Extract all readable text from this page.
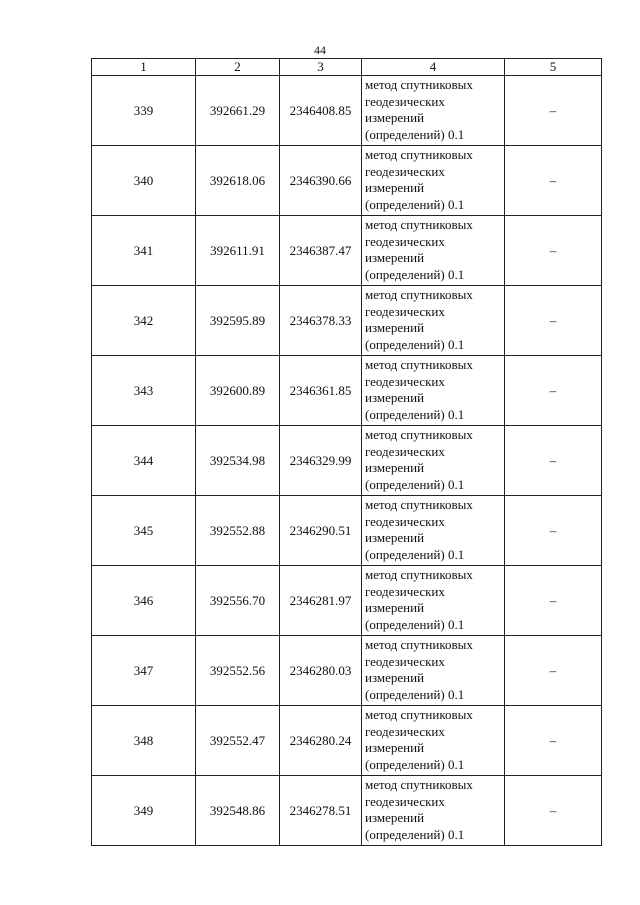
44
1	2	3	4	5
339	392661.29	2346408.85	метод спутниковых
геодезических
измерений
(определений) 0.1	–
340	392618.06	2346390.66	метод спутниковых
геодезических
измерений
(определений) 0.1	–
341	392611.91	2346387.47	метод спутниковых
геодезических
измерений
(определений) 0.1	–
342	392595.89	2346378.33	метод спутниковых
геодезических
измерений
(определений) 0.1	–
343	392600.89	2346361.85	метод спутниковых
геодезических
измерений
(определений) 0.1	–
344	392534.98	2346329.99	метод спутниковых
геодезических
измерений
(определений) 0.1	–
345	392552.88	2346290.51	метод спутниковых
геодезических
измерений
(определений) 0.1	–
346	392556.70	2346281.97	метод спутниковых
геодезических
измерений
(определений) 0.1	–
347	392552.56	2346280.03	метод спутниковых
геодезических
измерений
(определений) 0.1	–
348	392552.47	2346280.24	метод спутниковых
геодезических
измерений
(определений) 0.1	–
349	392548.86	2346278.51	метод спутниковых
геодезических
измерений
(определений) 0.1	–
